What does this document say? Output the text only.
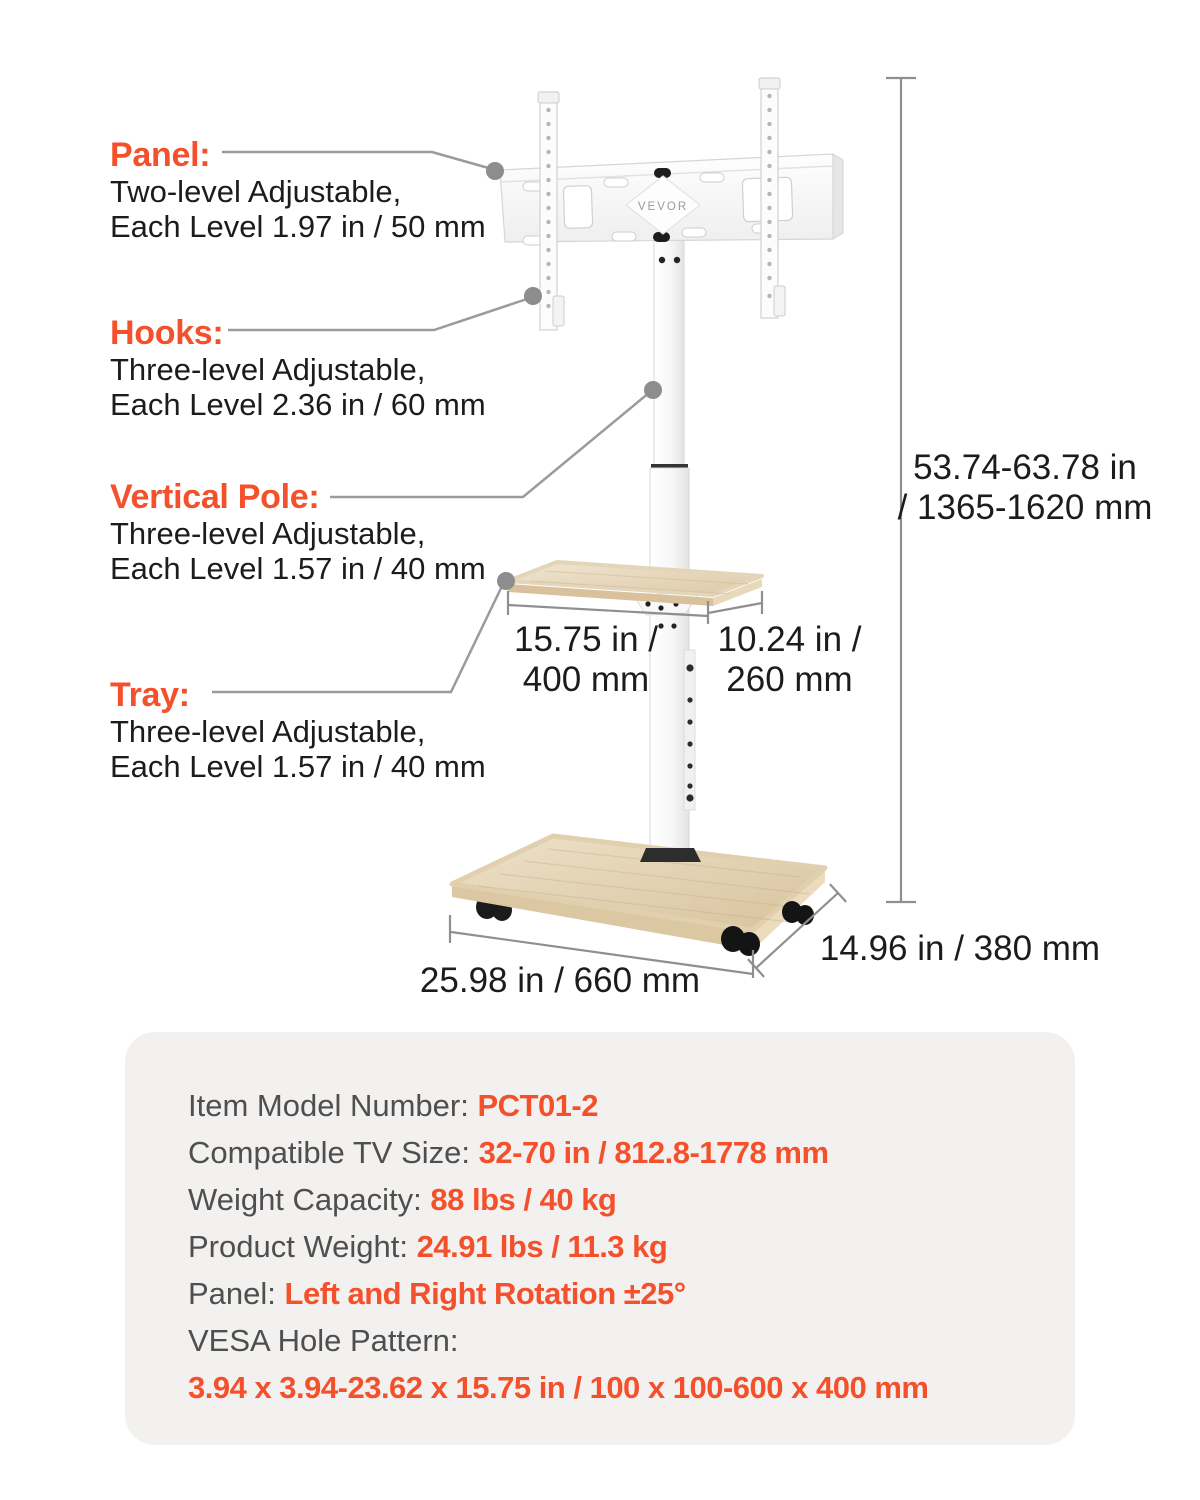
VEVOR

Panel:

Two-level Adjustable,

Each Level 1.97 in / 50 mm

Hooks:

Three-level Adjustable,

Each Level 2.36 in / 60 mm

Vertical Pole:

Three-level Adjustable,

Each Level 1.57 in / 40 mm

Tray:

Three-level Adjustable,

Each Level 1.57 in / 40 mm

53.74-63.78 in
/ 1365-1620 mm
15.75 in /
400 mm
10.24 in /
260 mm
25.98 in / 660 mm
14.96 in / 380 mm
Item Model Number: PCT01-2
Compatible TV Size: 32-70 in / 812.8-1778 mm
Weight Capacity: 88 lbs / 40 kg
Product Weight: 24.91 lbs / 11.3 kg
Panel: Left and Right Rotation ±25°
VESA Hole Pattern:
3.94 x 3.94-23.62 x 15.75 in / 100 x 100-600 x 400 mm
